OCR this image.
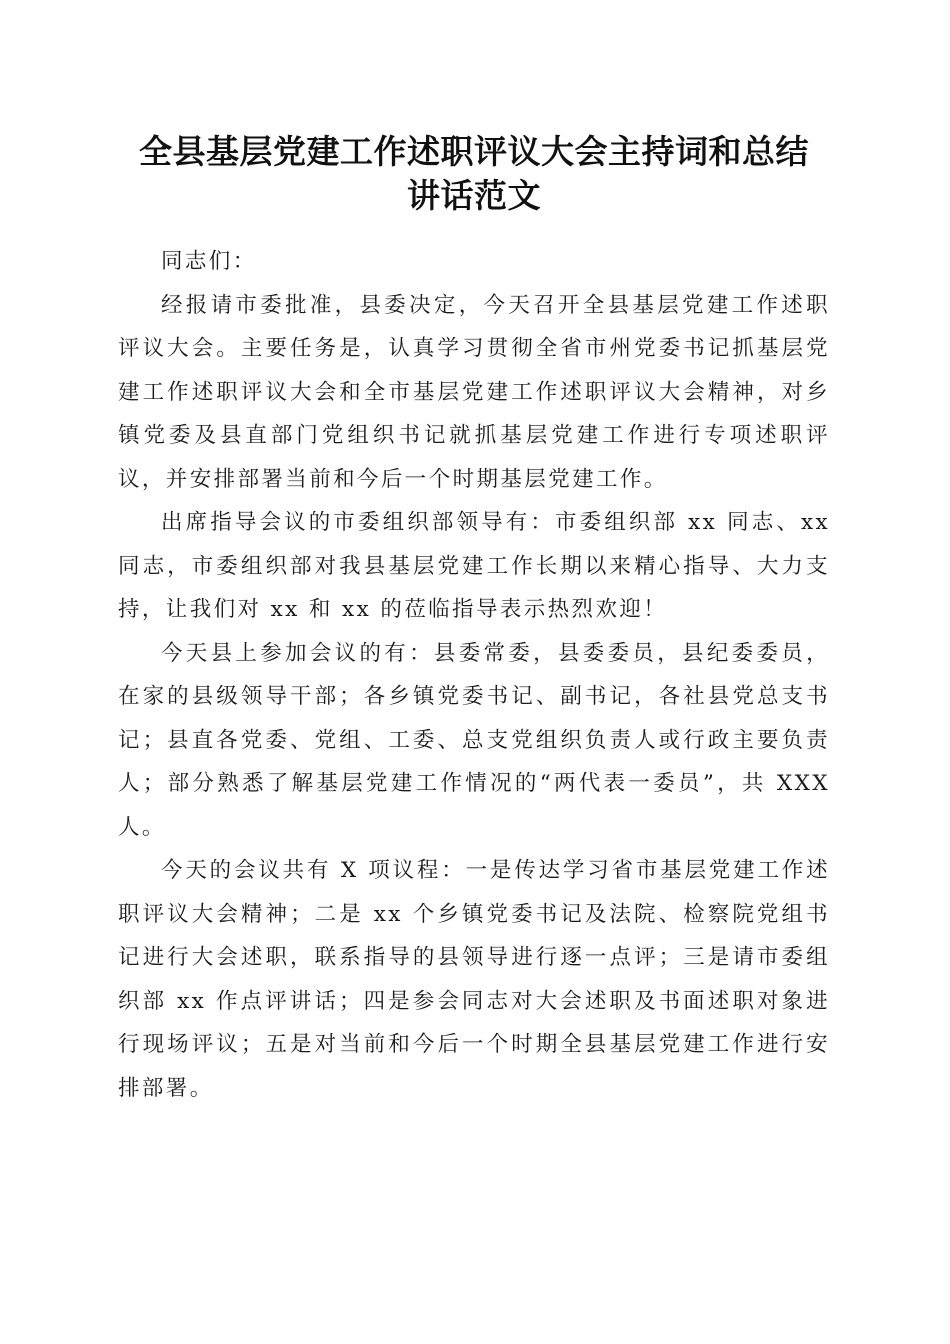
全县基层党建工作述职评议大会主持词和总结
讲话范文

同志们：

经报请市委批准，县委决定，今天召开全县基层党建工作述职评议大会。主要任务是，认真学习贯彻全省市州党委书记抓基层党建工作述职评议大会和全市基层党建工作述职评议大会精神，对乡镇党委及县直部门党组织书记就抓基层党建工作进行专项述职评议，并安排部署当前和今后一个时期基层党建工作。

出席指导会议的市委组织部领导有：市委组织部 xx 同志、xx 同志，市委组织部对我县基层党建工作长期以来精心指导、大力支持，让我们对 xx 和 xx 的莅临指导表示热烈欢迎！

今天县上参加会议的有：县委常委，县委委员，县纪委委员，在家的县级领导干部；各乡镇党委书记、副书记，各社县党总支书记；县直各党委、党组、工委、总支党组织负责人或行政主要负责人；部分熟悉了解基层党建工作情况的“两代表一委员”，共 XXX 人。

今天的会议共有 X 项议程：一是传达学习省市基层党建工作述职评议大会精神；二是 xx 个乡镇党委书记及法院、检察院党组书记进行大会述职，联系指导的县领导进行逐一点评；三是请市委组织部 xx 作点评讲话；四是参会同志对大会述职及书面述职对象进行现场评议；五是对当前和今后一个时期全县基层党建工作进行安排部署。
